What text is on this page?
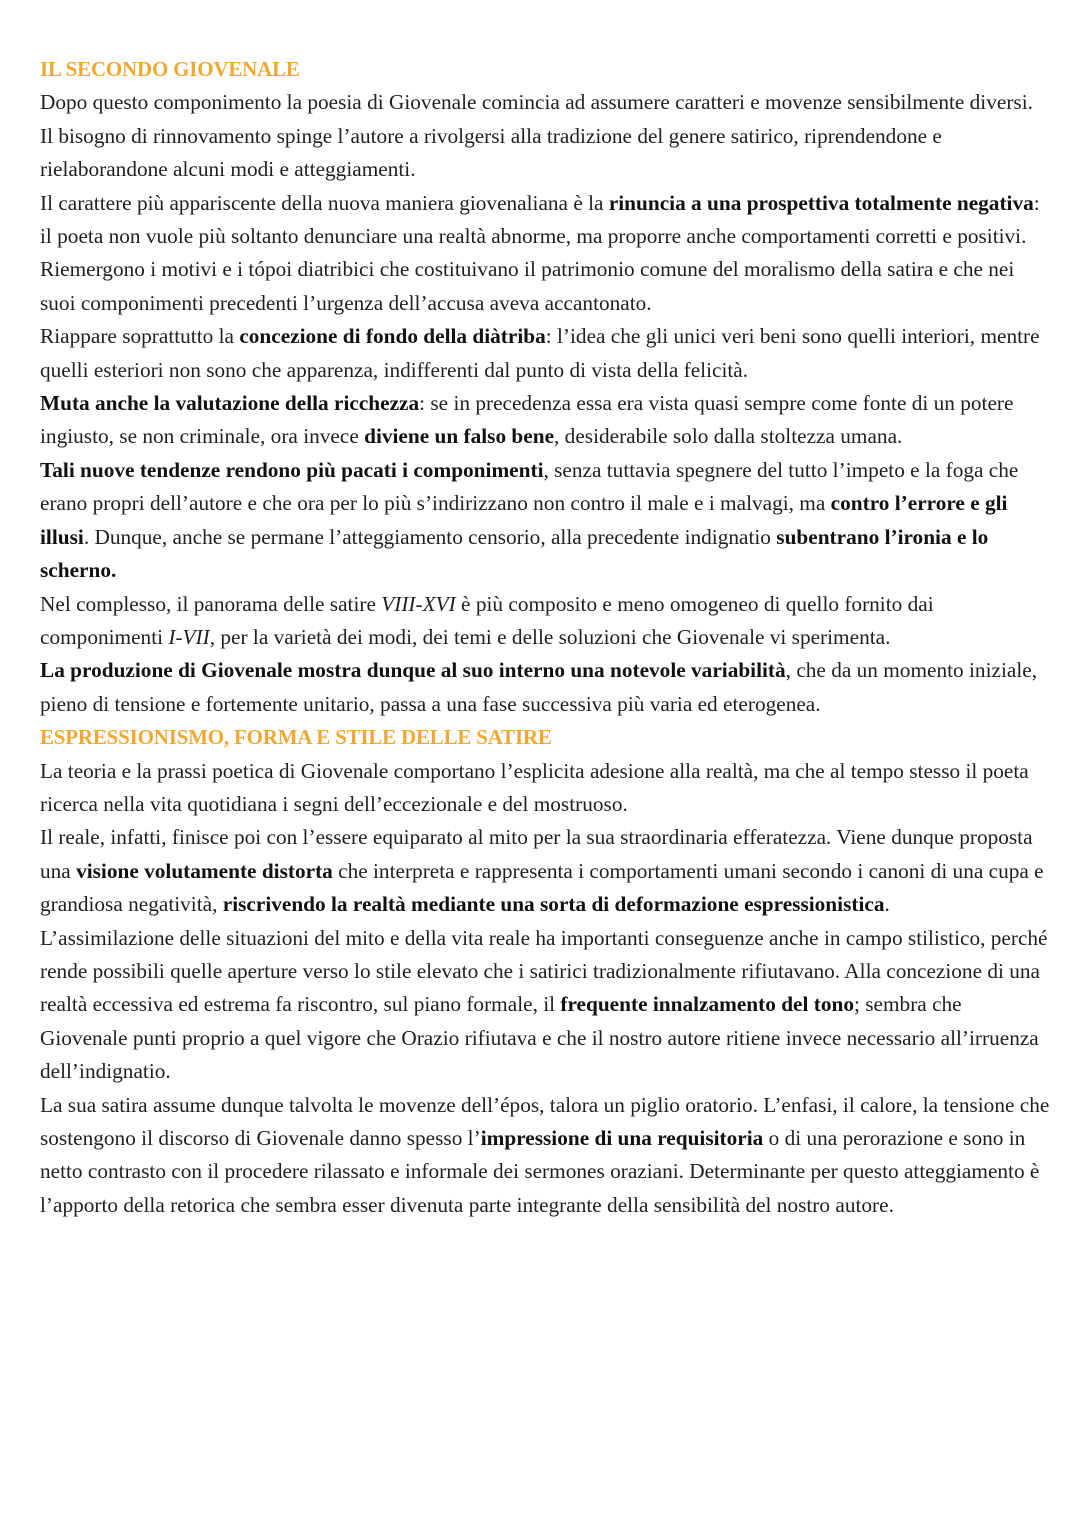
IL SECONDO GIOVENALE

Dopo questo componimento la poesia di Giovenale comincia ad assumere caratteri e movenze sensibilmente diversi. Il bisogno di rinnovamento spinge l’autore a rivolgersi alla tradizione del genere satirico, riprendendone e rielaborandone alcuni modi e atteggiamenti.

Il carattere più appariscente della nuova maniera giovenaliana è la rinuncia a una prospettiva totalmente negativa: il poeta non vuole più soltanto denunciare una realtà abnorme, ma proporre anche comportamenti corretti e positivi. Riemergono i motivi e i tópoi diatribici che costituivano il patrimonio comune del moralismo della satira e che nei suoi componimenti precedenti l’urgenza dell’accusa aveva accantonato.

Riappare soprattutto la concezione di fondo della diàtriba: l’idea che gli unici veri beni sono quelli interiori, mentre quelli esteriori non sono che apparenza, indifferenti dal punto di vista della felicità.

Muta anche la valutazione della ricchezza: se in precedenza essa era vista quasi sempre come fonte di un potere ingiusto, se non criminale, ora invece diviene un falso bene, desiderabile solo dalla stoltezza umana.

Tali nuove tendenze rendono più pacati i componimenti, senza tuttavia spegnere del tutto l’impeto e la foga che erano propri dell’autore e che ora per lo più s’indirizzano non contro il male e i malvagi, ma contro l’errore e gli illusi. Dunque, anche se permane l’atteggiamento censorio, alla precedente indignatio subentrano l’ironia e lo scherno.

Nel complesso, il panorama delle satire VIII-XVI è più composito e meno omogeneo di quello fornito dai componimenti I-VII, per la varietà dei modi, dei temi e delle soluzioni che Giovenale vi sperimenta.

La produzione di Giovenale mostra dunque al suo interno una notevole variabilità, che da un momento iniziale, pieno di tensione e fortemente unitario, passa a una fase successiva più varia ed eterogenea.

ESPRESSIONISMO, FORMA E STILE DELLE SATIRE

La teoria e la prassi poetica di Giovenale comportano l’esplicita adesione alla realtà, ma che al tempo stesso il poeta ricerca nella vita quotidiana i segni dell’eccezionale e del mostruoso.

Il reale, infatti, finisce poi con l’essere equiparato al mito per la sua straordinaria efferatezza. Viene dunque proposta una visione volutamente distorta che interpreta e rappresenta i comportamenti umani secondo i canoni di una cupa e grandiosa negatività, riscrivendo la realtà mediante una sorta di deformazione espressionistica.

L’assimilazione delle situazioni del mito e della vita reale ha importanti conseguenze anche in campo stilistico, perché rende possibili quelle aperture verso lo stile elevato che i satirici tradizionalmente rifiutavano. Alla concezione di una realtà eccessiva ed estrema fa riscontro, sul piano formale, il frequente innalzamento del tono; sembra che Giovenale punti proprio a quel vigore che Orazio rifiutava e che il nostro autore ritiene invece necessario all’irruenza dell’indignatio.

La sua satira assume dunque talvolta le movenze dell’épos, talora un piglio oratorio. L’enfasi, il calore, la tensione che sostengono il discorso di Giovenale danno spesso l’impressione di una requisitoria o di una perorazione e sono in netto contrasto con il procedere rilassato e informale dei sermones oraziani. Determinante per questo atteggiamento è l’apporto della retorica che sembra esser divenuta parte integrante della sensibilità del nostro autore.
